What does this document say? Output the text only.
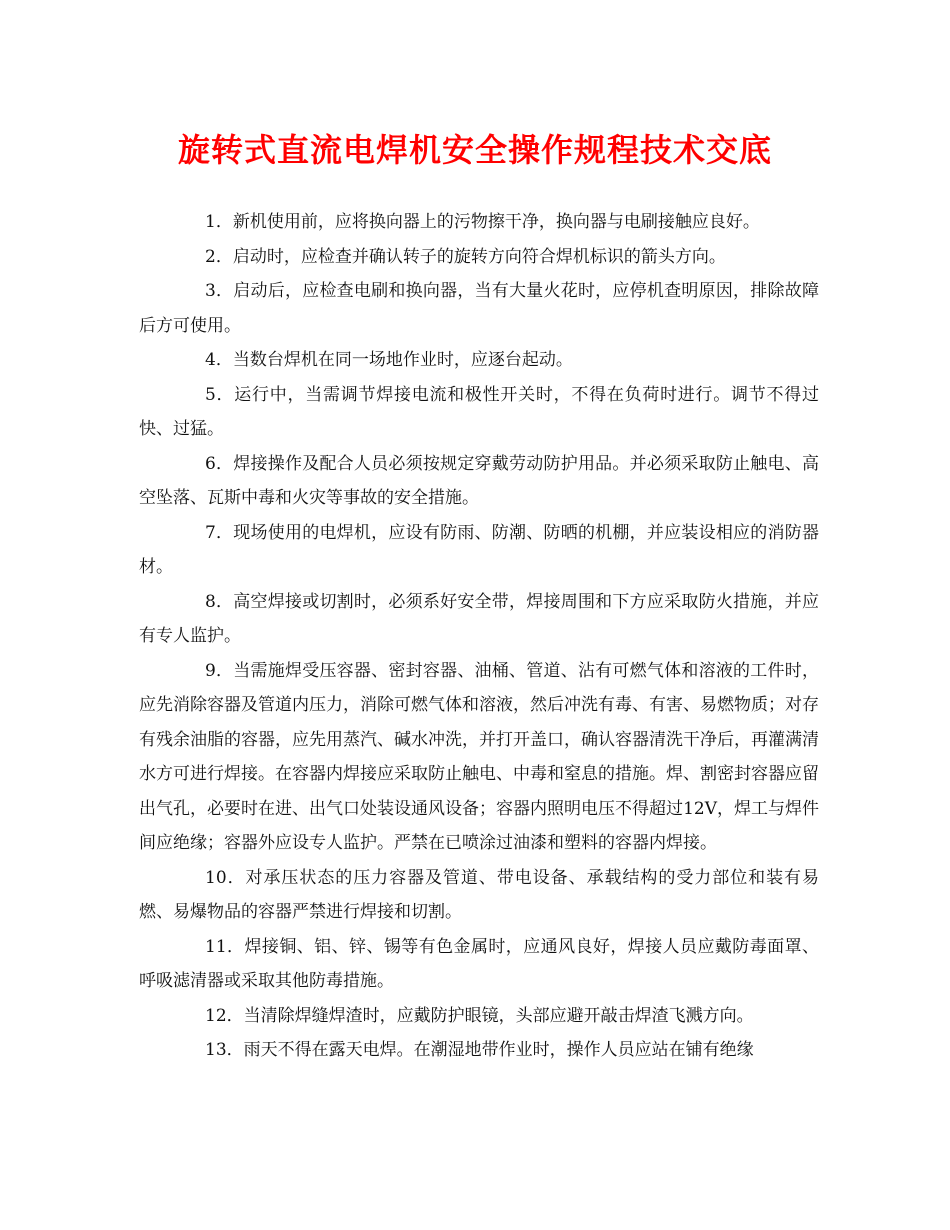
旋转式直流电焊机安全操作规程技术交底

1．新机使用前，应将换向器上的污物擦干净，换向器与电刷接触应良好。

2．启动时，应检查并确认转子的旋转方向符合焊机标识的箭头方向。

3．启动后，应检查电刷和换向器，当有大量火花时，应停机查明原因，排除故障后方可使用。

4．当数台焊机在同一场地作业时，应逐台起动。

5．运行中，当需调节焊接电流和极性开关时，不得在负荷时进行。调节不得过快、过猛。

6．焊接操作及配合人员必须按规定穿戴劳动防护用品。并必须采取防止触电、高空坠落、瓦斯中毒和火灾等事故的安全措施。

7．现场使用的电焊机，应设有防雨、防潮、防晒的机棚，并应装设相应的消防器材。

8．高空焊接或切割时，必须系好安全带，焊接周围和下方应采取防火措施，并应有专人监护。

9．当需施焊受压容器、密封容器、油桶、管道、沾有可燃气体和溶液的工件时，应先消除容器及管道内压力，消除可燃气体和溶液，然后冲洗有毒、有害、易燃物质；对存有残余油脂的容器，应先用蒸汽、碱水冲洗，并打开盖口，确认容器清洗干净后，再灌满清水方可进行焊接。在容器内焊接应采取防止触电、中毒和窒息的措施。焊、割密封容器应留出气孔，必要时在进、出气口处装设通风设备；容器内照明电压不得超过12V，焊工与焊件间应绝缘；容器外应设专人监护。严禁在已喷涂过油漆和塑料的容器内焊接。

10．对承压状态的压力容器及管道、带电设备、承载结构的受力部位和装有易燃、易爆物品的容器严禁进行焊接和切割。

11．焊接铜、铝、锌、锡等有色金属时，应通风良好，焊接人员应戴防毒面罩、呼吸滤清器或采取其他防毒措施。

12．当清除焊缝焊渣时，应戴防护眼镜，头部应避开敲击焊渣飞溅方向。

13．雨天不得在露天电焊。在潮湿地带作业时，操作人员应站在铺有绝缘
